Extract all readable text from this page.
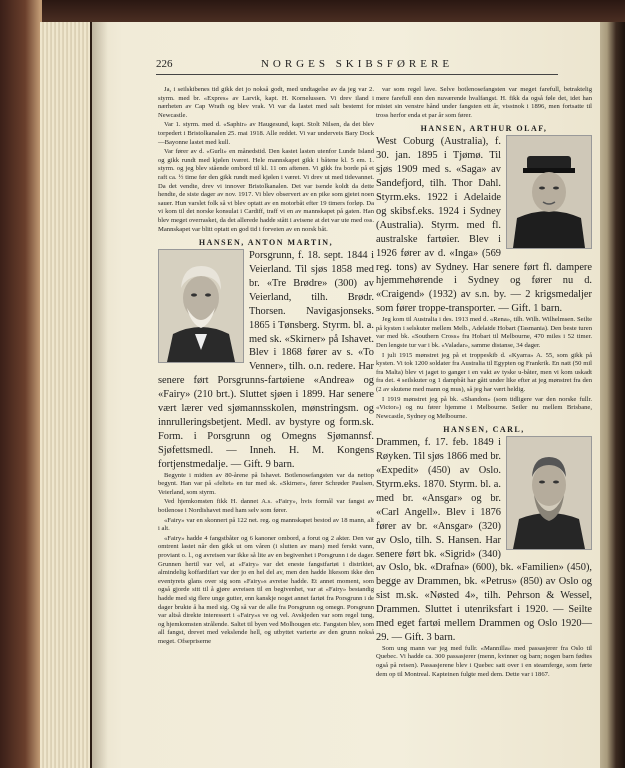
226	NORGES SKIBSFØRERE

Ja, i seilskibenes tid gikk det jo nokså godt, med undtagelse av da jeg var 2. styrm. med br. «Expres» av Larvik, kapt. H. Kornelussen. Vi drev iland i nærheten av Cap Wrath og blev vrak. Vi var da lastet med salt bestemt for Newcastle.

Var 1. styrm. med d. «Saphir» av Haugesund, kapt. Stolt Nilsen, da det blev torpedert i Bristolkanalen 25. mai 1918. Alle reddet. Vi var underveis Bary Dock—Bayonne lastet med kull.

Var fører av d. «Gurli» en månedstid. Den kastet lasten utenfor Lunde Island og gikk rundt med kjølen iværet. Hele mannskapet gikk i båtene kl. 5 em. 1. styrm. og jeg blev stående ombord til kl. 11 om aftenen. Vi gikk fra borde på et raft ca. ½ time før den gikk rundt med kjølen i været. Vi drev ut med tidevannet. Da det vendte, drev vi innover Bristolkanalen. Det var isende koldt da dette hendte, de siste dager av nov. 1917. Vi blev observert av en pike som gjetet noen sauer. Hun varslet folk så vi blev optatt av en motorbåt efter 19 timers forløp. Da vi kom til det norske konsulat i Cardiff, traff vi en av mannskapet på gaten. Han blev meget overrasket, da det allerede hadde stått i avisene at det var ute med oss. Mannskapet var blitt optatt en god tid i forveien av en norsk båt.

HANSEN, ANTON MARTIN,

Porsgrunn, f. 18. sept. 1844 i Veierland. Til sjøs 1858 med br. «Tre Brødre» (300) av Veierland, tilh. Brødr. Thorsen. Navigasjonseks. 1865 i Tønsberg. Styrm. bl. a. med sk. «Skirner» på Ishavet. Blev i 1868 fører av s. «To Venner», tilh. o.n. redere. Har senere ført Porsgrunns-fartøiene «Andrea» og «Fairy» (210 brt.). Sluttet sjøen i 1899. Har senere vært lærer ved sjømannsskolen, mønstringsm. og innrulleringsbetjent. Medl. av bystyre og form.sk. Form. i Porsgrunn og Omegns Sjømannsf. Sjøfettsmedl. — Inneh. H. M. Kongens fortjenstmedalje. — Gift. 9 barn.

Begynte i midten av 80-årene på Ishavet. Botlenosefangsten var da nettop begynt. Han var på «feltet» en tur med sk. «Skirner», fører Schrøder Paulsen, Veierland, som styrm.

Ved hjemkomsten fikk H. dannet A.s. «Fairy», hvis formål var fangst av botlenose i Nordishavet med ham selv som fører.

«Fairy» var en skonnert på 122 net. reg. og mannskapet bestod av 18 mann, alt i alt.

«Fairy» hadde 4 fangstbåter og 6 kanoner ombord, a forut og 2 akter. Den var omtrent lastet når den gikk ut om våren (i slutten av mars) med ferskt vann, proviant o. l., og avreisen var ikke så lite av en begivenhet i Porsgrunn i de dager. Grunnen hertil var vel, at «Fairy» var det eneste fangstfartøi i distriktet, almindelig koffardifart var der jo en hel del av, men den hadde likesom ikke den eventyrets glans over sig som «Fairy»s avreise hadde. Et annet moment, som også gjorde sitt til å gjøre avreisen til en begivenhet, var at «Fairy» bestandig hadde med sig flere unge gutter, enn kanskje noget annet fartøi fra Porsgrunn i de dager brukte å ha med sig. Og så var de alle fra Porsgrunn og omegn. Porsgrunn var altså direkte interessert i «Fairy»s ve og vel. Avskjeden var som regel tung, og hjemkomsten strålende. Saltet til byen ved Molhougen etc. Fangsten blev, som all fangst, drevet med vekslende hell, og utbyttet varierte av den grunn nokså meget. Ofsepriserne

var som regel lave. Selve botlenosefangsten var meget farefull, betraktelig mere farefull enn den nuværende hvalfangst. H. fikk da også føle det, idet han mistet sin venstre hånd under fangsten ett år, visstnok i 1896, men fortsatte til tross herfor enda et par år som fører.

HANSEN, ARTHUR OLAF,

West Coburg (Australia), f. 30. jan. 1895 i Tjømø. Til sjøs 1909 med s. «Saga» av Sandefjord, tilh. Thor Dahl. Styrm.eks. 1922 i Adelaide og skibsf.eks. 1924 i Sydney (Australia). Styrm. med fl. australske fartøier. Blev i 1926 fører av d. «Inga» (569 reg. tons) av Sydney. Har senere ført fl. dampere hjemmehørende i Sydney og fører nu d. «Craigend» (1932) av s.n. by. — 2 krigsmedaljer som fører troppe-transporter. — Gift. 1 barn.

Jeg kom til Australia i des. 1913 med d. «Rena», tilh. Wilh. Wilhelmsen. Seilte på kysten i selskuter mellem Melb., Adelaide Hobart (Tasmania). Den beste turen var med bk. «Southern Cross» fra Hobart til Melbourne, 470 miles i 52 timer. Den lengste tur var i bk. «Valadar», samme distanse, 34 dager.

I juli 1915 mønstret jeg på et troppeskib d. «Kyarra» A. 55, som gikk på kysten. Vi tok 1200 soldater fra Australia til Egypten og Frankrik. En natt (50 mil fra Malta) blev vi jaget to ganger i en vakt av tyske u-båter, men vi kom uskadt fra det. 4 seilskuter og 1 dampbåt har gått under like efter at jeg mønstret fra den (2 av skutene med mann og mus), så jeg har vært heldig.

I 1919 mønstret jeg på bk. «Shandon» (som tidligere var den norske fullr. «Victor») og nu fører hjemme i Melbourne. Seiler nu mellem Brisbane, Newcastle, Sydney og Melbourne.

HANSEN, CARL,

Drammen, f. 17. feb. 1849 i Røyken. Til sjøs 1866 med br. «Expedit» (450) av Oslo. Styrm.eks. 1870. Styrm. bl. a. med br. «Ansgar» og br. «Carl Angell». Blev i 1876 fører av br. «Ansgar» (320) av Oslo, tilh. S. Hansen. Har senere ført bk. «Sigrid» (340) av Oslo, bk. «Drafna» (600), bk. «Familien» (450), begge av Drammen, bk. «Petrus» (850) av Oslo og sist m.sk. «Nøsted 4», tilh. Pehrson & Wessel, Drammen. Sluttet i utenriksfart i 1920. — Seilte med eget fartøi mellem Drammen og Oslo 1920—29. — Gift. 3 barn.

Som ung mann var jeg med fullr. «Mannilla» med passasjerer fra Oslo til Quebec. Vi hadde ca. 300 passasjerer (menn, kvinner og barn; nogen barn fødtes også på reisen). Passasjerene blev i Quebec satt over i en steamferge, som førte dem op til Montreal. Kapteinen fulgte med dem. Dette var i 1867.
